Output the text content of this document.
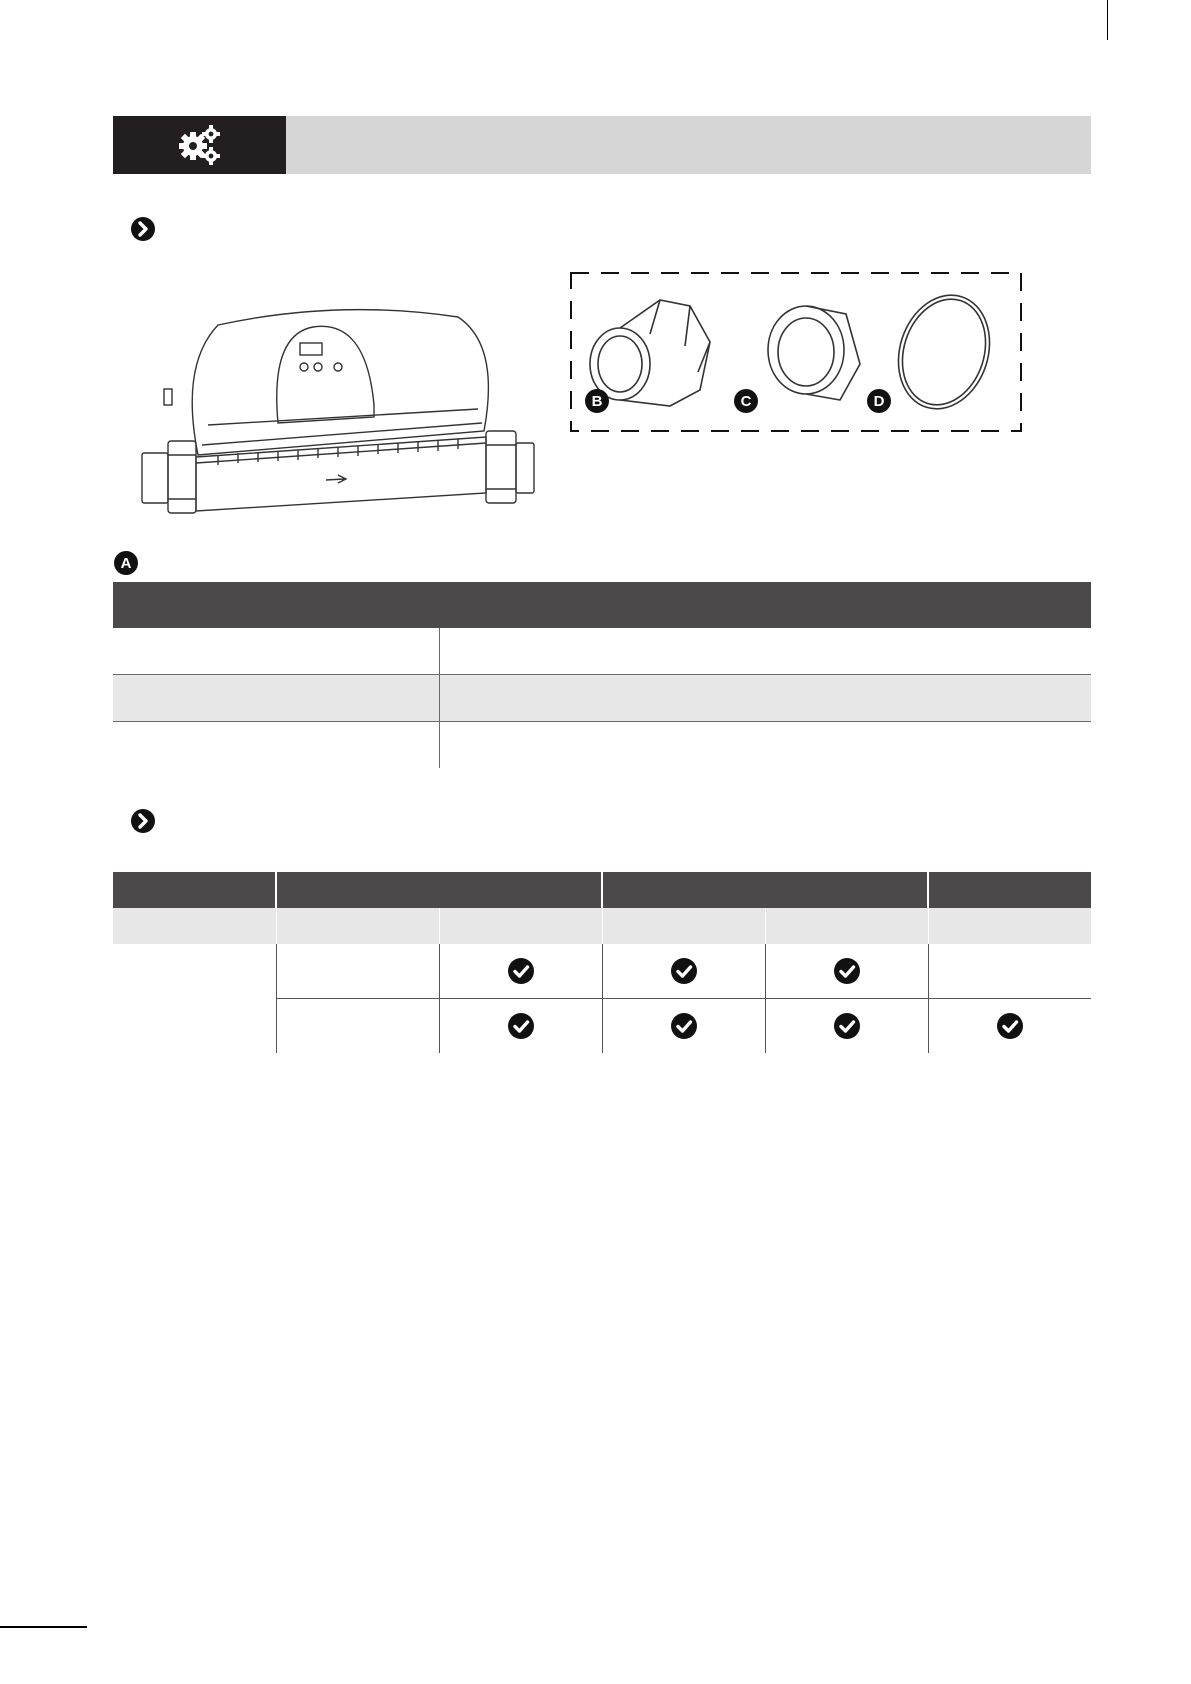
B	C	D
A
